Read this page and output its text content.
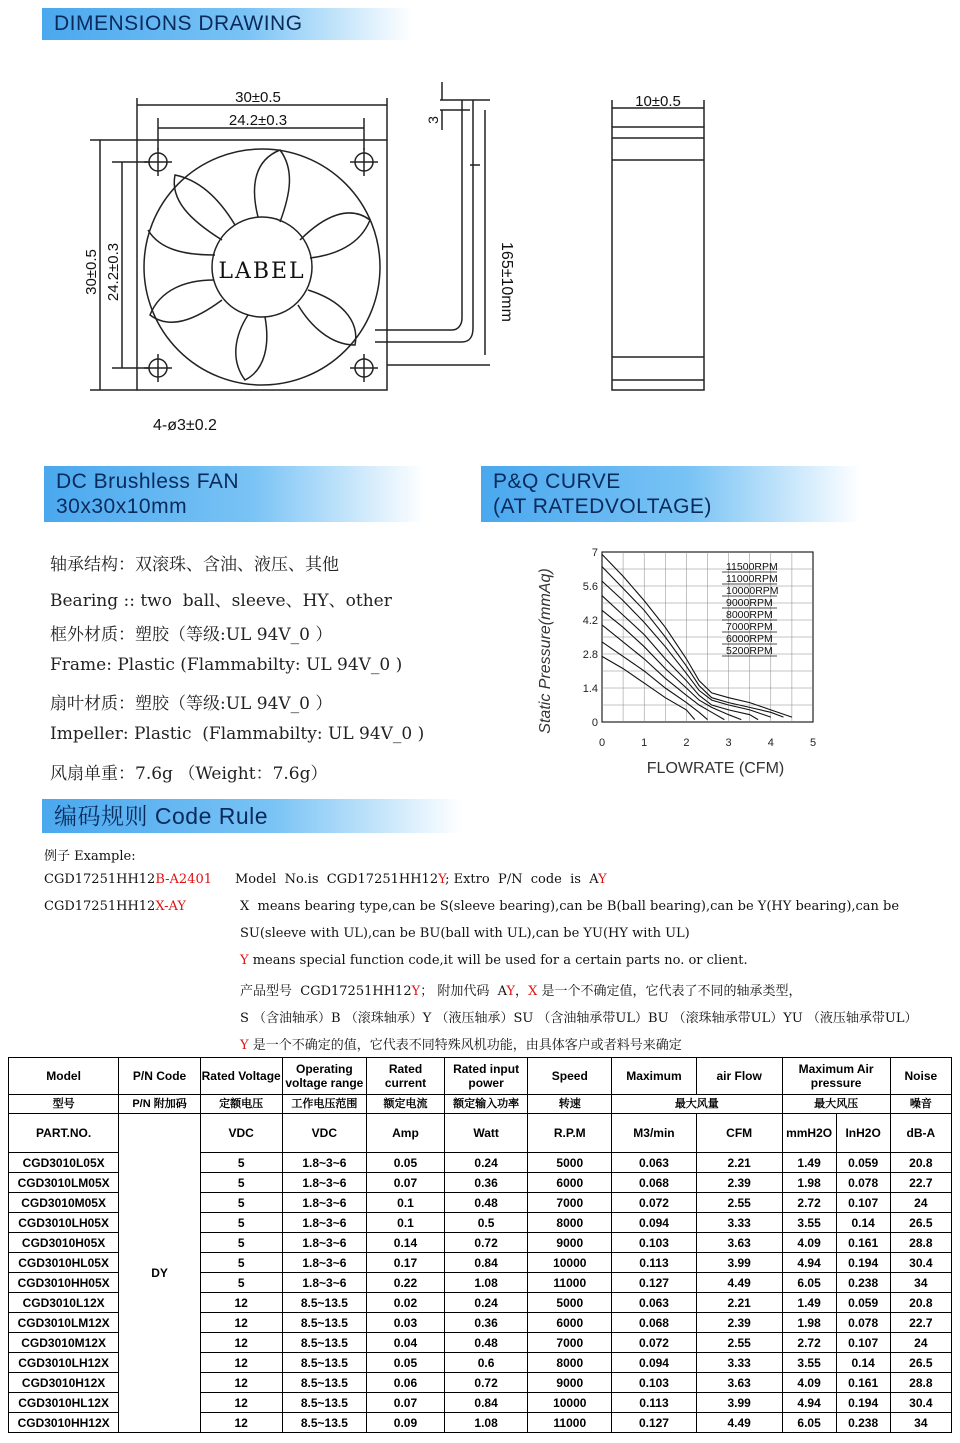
DIMENSIONS DRAWING
LABEL
30±0.5
24.2±0.3
30±0.5 24.2±0.3
3
165±10mm
4-ø3±0.2
10±0.5
DC Brushless FAN
30x30x10mm
P&Q CURVE
(AT RATEDVOLTAGE)
轴承结构：双滚珠、含油、液压、其他
Bearing :: two  ball、sleeve、HY、other
框外材质：塑胶（等级:UL 94V_0 ）
Frame: Plastic (Flammabilty: UL 94V_0 )
扇叶材质：塑胶（等级:UL 94V_0 ）
Impeller: Plastic  (Flammabilty: UL 94V_0 )
风扇单重：7.6g （Weight：7.6g）
0	1	2	3	4	5
0
1.4
2.8
4.2
5.6
7
FLOWRATE (CFM)
Static Pressure(mmAq)
11500RPM
11000RPM
10000RPM
9000RPM
8000RPM
7000RPM
6000RPM
5200RPM
编码规则 Code Rule
例子 Example:
CGD17251HH12B-A2401
CGD17251HH12X-AY
Model  No.is  CGD17251HH12Y; Extro  P/N  code  is  AY
X  means bearing type,can be S(sleeve bearing),can be B(ball bearing),can be Y(HY bearing),can be
SU(sleeve with UL),can be BU(ball with UL),can be YU(HY with UL)
Y means special function code,it will be used for a certain parts no. or client.
产品型号  CGD17251HH12Y； 附加代码  AY，X 是一个不确定值，它代表了不同的轴承类型，
S （含油轴承）B （滚珠轴承）Y （液压轴承）SU （含油轴承带UL）BU （滚珠轴承带UL）YU （液压轴承带UL）
Y 是一个不确定的值，它代表不同特殊风机功能，由具体客户或者料号来确定
Model	P/N Code	Rated Voltage	Operating voltage range	Rated current	Rated input power	Speed	Maximum	air Flow	Maximum Air pressure		Noise
型号	P/N 附加码	定额电压	工作电压范围	额定电流	额定输入功率	转速	最大风量		最大风压		噪音
PART.NO.	DY	VDC	VDC	Amp	Watt	R.P.M	M3/min	CFM	mmH2O	InH2O	dB-A
CGD3010L05X		5	1.8~3~6	0.05	0.24	5000	0.063	2.21	1.49	0.059	20.8
CGD3010LM05X		5	1.8~3~6	0.07	0.36	6000	0.068	2.39	1.98	0.078	22.7
CGD3010M05X		5	1.8~3~6	0.1	0.48	7000	0.072	2.55	2.72	0.107	24
CGD3010LH05X		5	1.8~3~6	0.1	0.5	8000	0.094	3.33	3.55	0.14	26.5
CGD3010H05X		5	1.8~3~6	0.14	0.72	9000	0.103	3.63	4.09	0.161	28.8
CGD3010HL05X		5	1.8~3~6	0.17	0.84	10000	0.113	3.99	4.94	0.194	30.4
CGD3010HH05X		5	1.8~3~6	0.22	1.08	11000	0.127	4.49	6.05	0.238	34
CGD3010L12X		12	8.5~13.5	0.02	0.24	5000	0.063	2.21	1.49	0.059	20.8
CGD3010LM12X		12	8.5~13.5	0.03	0.36	6000	0.068	2.39	1.98	0.078	22.7
CGD3010M12X		12	8.5~13.5	0.04	0.48	7000	0.072	2.55	2.72	0.107	24
CGD3010LH12X		12	8.5~13.5	0.05	0.6	8000	0.094	3.33	3.55	0.14	26.5
CGD3010H12X		12	8.5~13.5	0.06	0.72	9000	0.103	3.63	4.09	0.161	28.8
CGD3010HL12X		12	8.5~13.5	0.07	0.84	10000	0.113	3.99	4.94	0.194	30.4
CGD3010HH12X		12	8.5~13.5	0.09	1.08	11000	0.127	4.49	6.05	0.238	34
